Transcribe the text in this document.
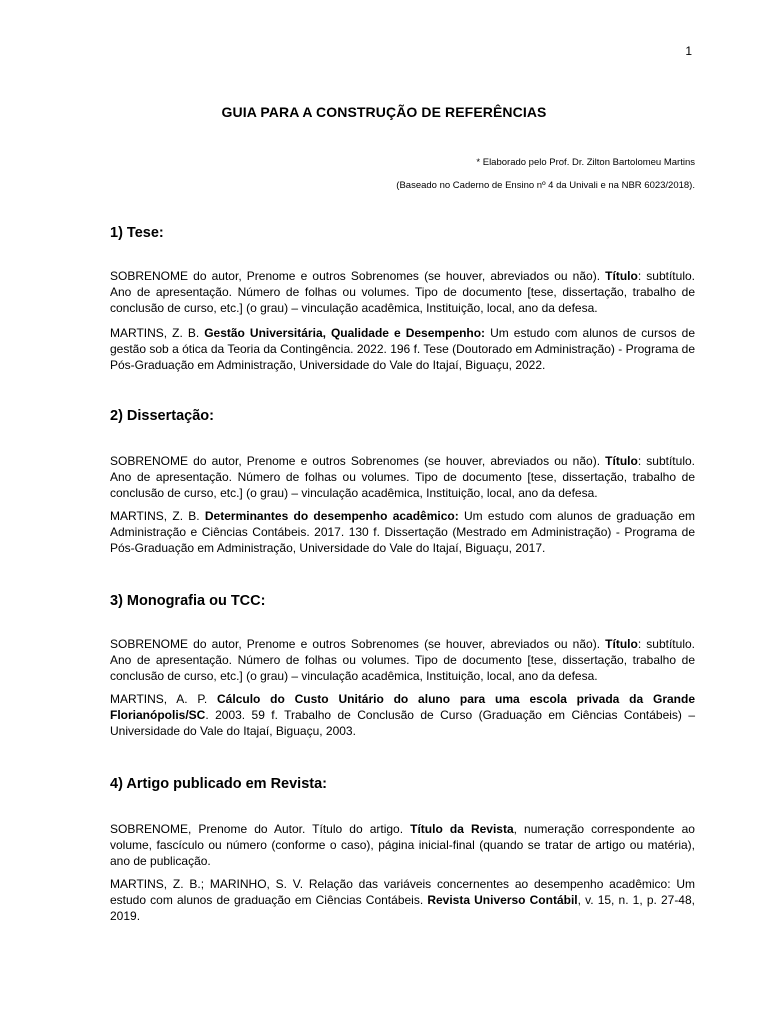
1
GUIA PARA A CONSTRUÇÃO DE REFERÊNCIAS
* Elaborado pelo Prof. Dr. Zilton Bartolomeu Martins
(Baseado no Caderno de Ensino nº 4 da Univali e na NBR 6023/2018).
1) Tese:

SOBRENOME do autor, Prenome e outros Sobrenomes (se houver, abreviados ou não). Título: subtítulo. Ano de apresentação. Número de folhas ou volumes. Tipo de documento [tese, dissertação, trabalho de conclusão de curso, etc.] (o grau) – vinculação acadêmica, Instituição, local, ano da defesa.

MARTINS, Z. B. Gestão Universitária, Qualidade e Desempenho: Um estudo com alunos de cursos de gestão sob a ótica da Teoria da Contingência. 2022. 196 f. Tese (Doutorado em Administração) - Programa de Pós-Graduação em Administração, Universidade do Vale do Itajaí, Biguaçu, 2022.

2) Dissertação:

SOBRENOME do autor, Prenome e outros Sobrenomes (se houver, abreviados ou não). Título: subtítulo. Ano de apresentação. Número de folhas ou volumes. Tipo de documento [tese, dissertação, trabalho de conclusão de curso, etc.] (o grau) – vinculação acadêmica, Instituição, local, ano da defesa.

MARTINS, Z. B. Determinantes do desempenho acadêmico: Um estudo com alunos de graduação em Administração e Ciências Contábeis. 2017. 130 f. Dissertação (Mestrado em Administração) - Programa de Pós-Graduação em Administração, Universidade do Vale do Itajaí, Biguaçu, 2017.

3) Monografia ou TCC:

SOBRENOME do autor, Prenome e outros Sobrenomes (se houver, abreviados ou não). Título: subtítulo. Ano de apresentação. Número de folhas ou volumes. Tipo de documento [tese, dissertação, trabalho de conclusão de curso, etc.] (o grau) – vinculação acadêmica, Instituição, local, ano da defesa.

MARTINS, A. P. Cálculo do Custo Unitário do aluno para uma escola privada da Grande Florianópolis/SC. 2003. 59 f. Trabalho de Conclusão de Curso (Graduação em Ciências Contábeis) – Universidade do Vale do Itajaí, Biguaçu, 2003.

4) Artigo publicado em Revista:

SOBRENOME, Prenome do Autor. Título do artigo. Título da Revista, numeração correspondente ao volume, fascículo ou número (conforme o caso), página inicial-final (quando se tratar de artigo ou matéria), ano de publicação.

MARTINS, Z. B.; MARINHO, S. V. Relação das variáveis concernentes ao desempenho acadêmico: Um estudo com alunos de graduação em Ciências Contábeis. Revista Universo Contábil, v. 15, n. 1, p. 27-48, 2019.
